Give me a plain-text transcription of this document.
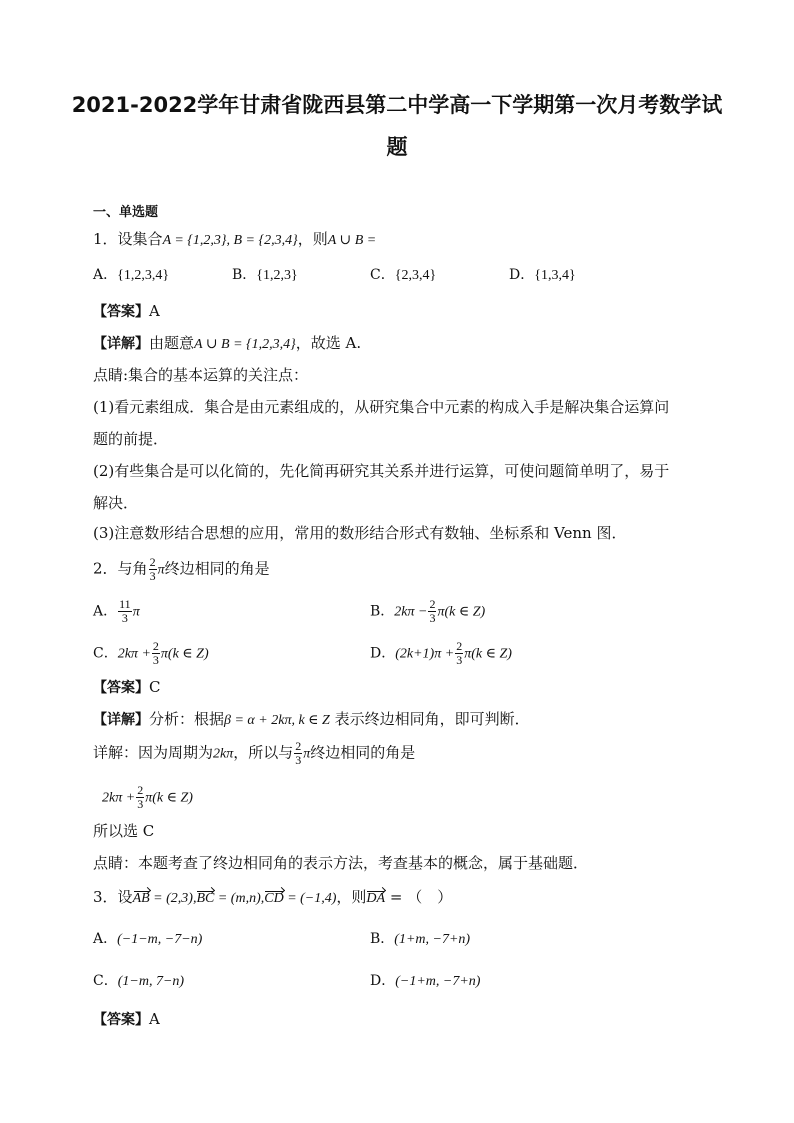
2021-2022学年甘肃省陇西县第二中学高一下学期第一次月考数学试
题
一、单选题
1．设集合A = {1,2,3}, B = {2,3,4}，则A ∪ B =
A．{1,2,3,4}	B．{1,2,3}	C．{2,3,4}	D．{1,3,4}
【答案】A
【详解】由题意A ∪ B = {1,2,3,4}，故选 A.
点睛:集合的基本运算的关注点：
(1)看元素组成．集合是由元素组成的，从研究集合中元素的构成入手是解决集合运算问
题的前提．
(2)有些集合是可以化简的，先化简再研究其关系并进行运算，可使问题简单明了，易于
解决．
(3)注意数形结合思想的应用，常用的数形结合形式有数轴、坐标系和 Venn 图．
2．与角 $\frac{2}{3}$ π终边相同的角是
A． $\frac{11}{3}$ π	B．$2k\pi - \frac{2}{3} \pi(k$ ∈ Z)
C．$2k\pi + \frac{2}{3} \pi(k$ ∈ Z)	D．$(2k+1)\pi + \frac{2}{3} \pi(k$ ∈ Z)
【答案】C
【详解】分析：根据β = α + 2kπ, k ∈ Z 表示终边相同角，即可判断．
详解：因为周期为2kπ，所以与 $\frac{2}{3}$ π终边相同的角是
$2k\pi + \frac{2}{3} \pi(k$ ∈ Z)
所以选 C
点睛：本题考查了终边相同角的表示方法，考查基本的概念，属于基础题．
3．设AB = (2,3),BC = (m,n),CD = (−1,4)，则DA = （　）
A．(−1−m, −7−n)	B．(1+m, −7+n)
C．(1−m, 7−n)	D．(−1+m, −7+n)
【答案】A
